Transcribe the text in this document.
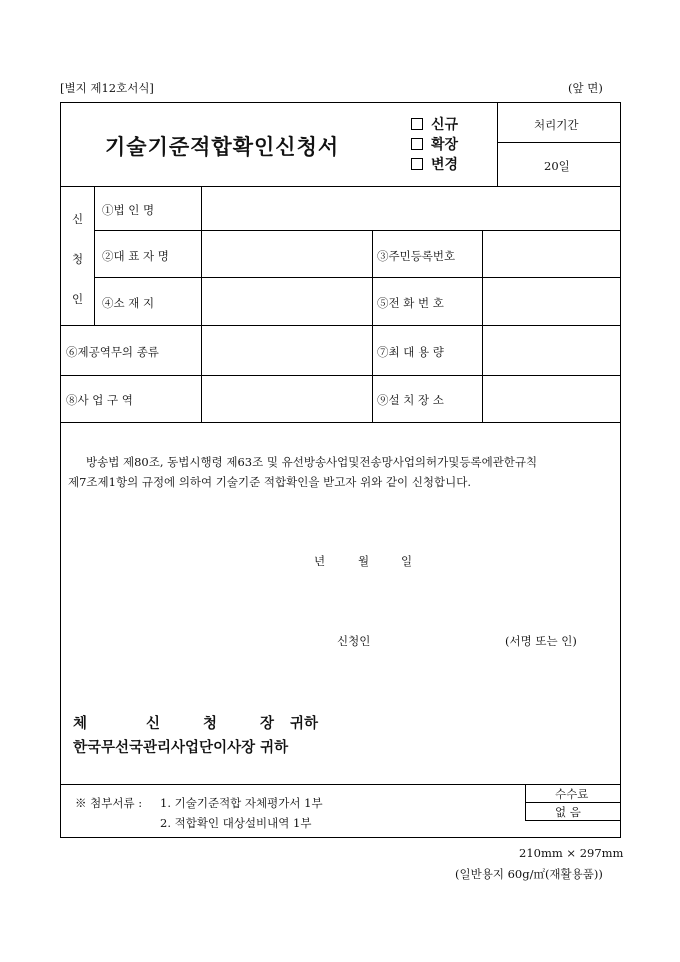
[별지 제12호서식]	(앞 면)
기술기준적합확인신청서
신규
확장
변경
처리기간
20일
신
청
인
①법 인 명
②대 표 자 명	③주민등록번호
④소 재 지	⑤전 화 번 호
⑥제공역무의 종류	⑦최 대 용 량
⑧사 업 구 역	⑨설 치 장 소
방송법 제80조, 동법시행령 제63조 및 유선방송사업및전송망사업의허가및등록에관한규칙
제7조제1항의 규정에 의하여 기술기준 적합확인을 받고자 위와 같이 신청합니다.
년	월	일
신청인	(서명 또는 인)
체	신	청	장 귀하
한국무선국관리사업단이사장 귀하
※ 첨부서류 : 1. 기술기준적합 자체평가서 1부
2. 적합확인 대상설비내역 1부
수수료
없 음
210mm × 297mm
(일반용지 60g/㎡(재활용품))
